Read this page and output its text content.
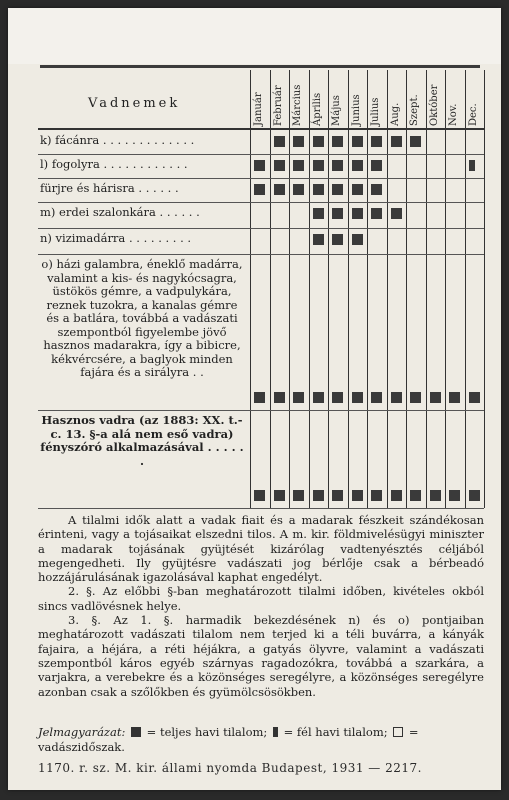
Vadnemek	Január Február Március Április Május Junius Julius Aug. Szept. Október Nov. Dec.
k) fácánra . . . . . . . . . . . . .
l) fogolyra . . . . . . . . . . . .
fürjre és hárisra . . . . . .
m) erdei szalonkára . . . . . .
n) vizimadárra . . . . . . . . .
o) házi galambra, éneklő madárra, valamint a kis- és nagykócsagra, üstökös gémre, a vadpulykára, reznek tuzokra, a kanalas gémre és a batlára, továbbá a vadászati szempontból figyelembe jövő hasznos madarakra, így a bibicre, kékvércsére, a baglyok minden fajára és a sirályra . .
Hasznos vadra (az 1883: XX. t.-c. 13. §-a alá nem eső vadra) fényszóró alkalmazásával . . . . . .

A tilalmi idők alatt a vadak fiait és a madarak fészkeit szándékosan érinteni, vagy a tojásaikat elszedni tilos. A m. kir. földmivelésügyi miniszter a madarak tojásának gyüjtését kizárólag vadtenyésztés céljából megengedheti. Ily gyüjtésre vadászati jog bérlője csak a bérbeadó hozzájárulásának igazolásával kaphat engedélyt.

2. §. Az előbbi §-ban meghatározott tilalmi időben, kivételes okból sincs vadlövésnek helye.

3. §. Az 1. §. harmadik bekezdésének n) és o) pontjaiban meghatározott vadászati tilalom nem terjed ki a téli buvárra, a kányák fajaira, a héjára, a réti héjákra, a gatyás ölyvre, valamint a vadászati szempontból káros egyéb szárnyas ragadozókra, továbbá a szarkára, a varjakra, a verebekre és a közönséges seregélyre, a közönséges seregélyre azonban csak a szőlőkben és gyümölcsösökben.

Jelmagyarázat: = teljes havi tilalom; = fél havi tilalom; = vadászidőszak.
1170. r. sz. M. kir. állami nyomda Budapest, 1931 — 2217.
